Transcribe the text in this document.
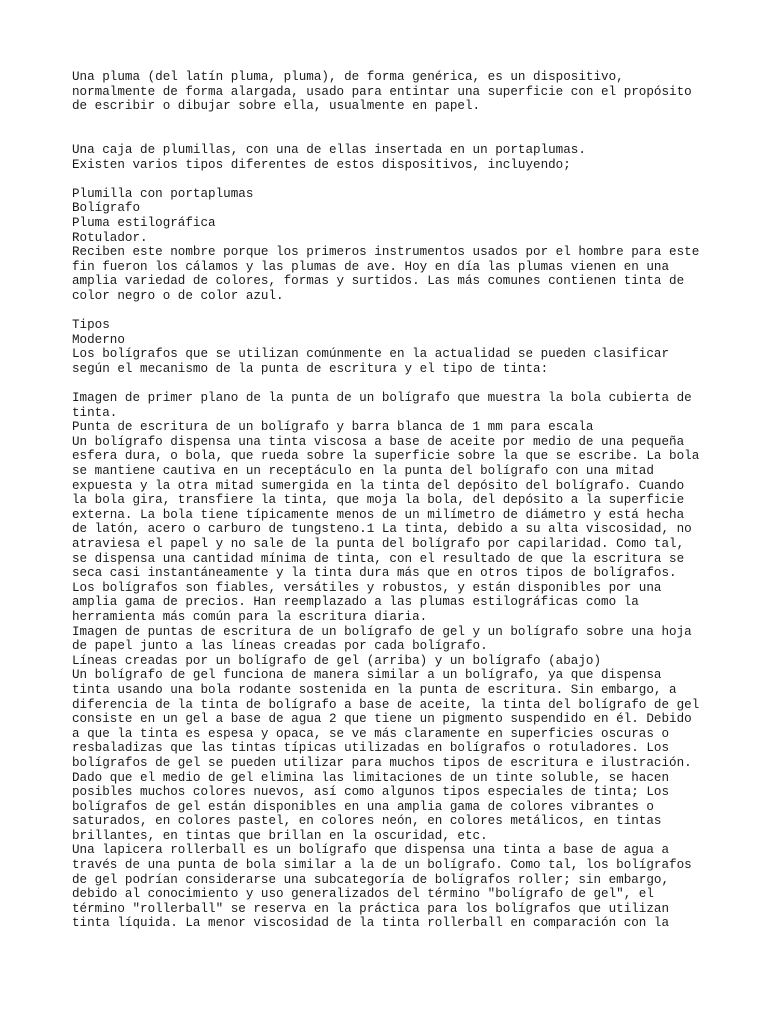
Una pluma (del latín pluma, pluma), de forma genérica, es un dispositivo,
normalmente de forma alargada, usado para entintar una superficie con el propósito
de escribir o dibujar sobre ella, usualmente en papel.
Una caja de plumillas, con una de ellas insertada en un portaplumas.
Existen varios tipos diferentes de estos dispositivos, incluyendo;
Plumilla con portaplumas
Bolígrafo
Pluma estilográfica
Rotulador.
Reciben este nombre porque los primeros instrumentos usados por el hombre para este
fin fueron los cálamos y las plumas de ave. Hoy en día las plumas vienen en una
amplia variedad de colores, formas y surtidos. Las más comunes contienen tinta de
color negro o de color azul.
Tipos
Moderno
Los bolígrafos que se utilizan comúnmente en la actualidad se pueden clasificar
según el mecanismo de la punta de escritura y el tipo de tinta:
Imagen de primer plano de la punta de un bolígrafo que muestra la bola cubierta de
tinta.
Punta de escritura de un bolígrafo y barra blanca de 1 mm para escala
Un bolígrafo dispensa una tinta viscosa a base de aceite por medio de una pequeña
esfera dura, o bola, que rueda sobre la superficie sobre la que se escribe. La bola
se mantiene cautiva en un receptáculo en la punta del bolígrafo con una mitad
expuesta y la otra mitad sumergida en la tinta del depósito del bolígrafo. Cuando
la bola gira, transfiere la tinta, que moja la bola, del depósito a la superficie
externa. La bola tiene típicamente menos de un milímetro de diámetro y está hecha
de latón, acero o carburo de tungsteno.1 La tinta, debido a su alta viscosidad, no
atraviesa el papel y no sale de la punta del bolígrafo por capilaridad. Como tal,
se dispensa una cantidad mínima de tinta, con el resultado de que la escritura se
seca casi instantáneamente y la tinta dura más que en otros tipos de bolígrafos.
Los bolígrafos son fiables, versátiles y robustos, y están disponibles por una
amplia gama de precios. Han reemplazado a las plumas estilográficas como la
herramienta más común para la escritura diaria.
Imagen de puntas de escritura de un bolígrafo de gel y un bolígrafo sobre una hoja
de papel junto a las líneas creadas por cada bolígrafo.
Líneas creadas por un bolígrafo de gel (arriba) y un bolígrafo (abajo)
Un bolígrafo de gel funciona de manera similar a un bolígrafo, ya que dispensa
tinta usando una bola rodante sostenida en la punta de escritura. Sin embargo, a
diferencia de la tinta de bolígrafo a base de aceite, la tinta del bolígrafo de gel
consiste en un gel a base de agua 2 que tiene un pigmento suspendido en él. Debido
a que la tinta es espesa y opaca, se ve más claramente en superficies oscuras o
resbaladizas que las tintas típicas utilizadas en bolígrafos o rotuladores. Los
bolígrafos de gel se pueden utilizar para muchos tipos de escritura e ilustración.
Dado que el medio de gel elimina las limitaciones de un tinte soluble, se hacen
posibles muchos colores nuevos, así como algunos tipos especiales de tinta; Los
bolígrafos de gel están disponibles en una amplia gama de colores vibrantes o
saturados, en colores pastel, en colores neón, en colores metálicos, en tintas
brillantes, en tintas que brillan en la oscuridad, etc.
Una lapicera rollerball es un bolígrafo que dispensa una tinta a base de agua a
través de una punta de bola similar a la de un bolígrafo. Como tal, los bolígrafos
de gel podrían considerarse una subcategoría de bolígrafos roller; sin embargo,
debido al conocimiento y uso generalizados del término "bolígrafo de gel", el
término "rollerball" se reserva en la práctica para los bolígrafos que utilizan
tinta líquida. La menor viscosidad de la tinta rollerball en comparación con la
